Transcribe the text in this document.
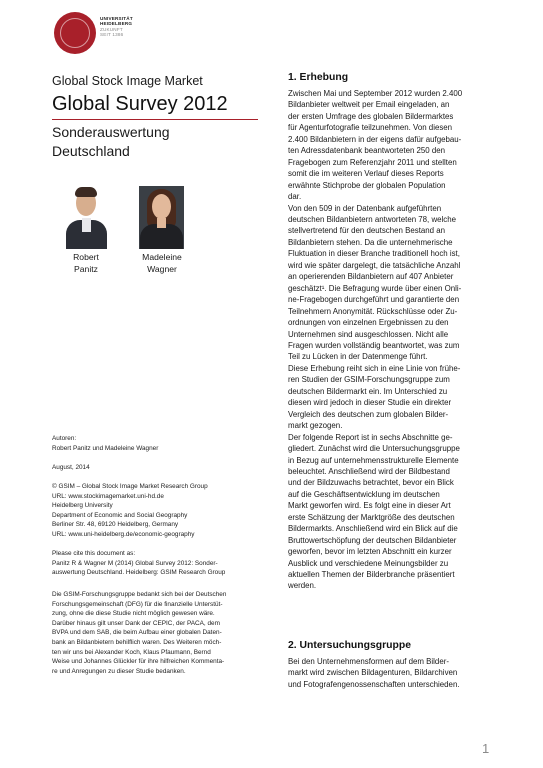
UNIVERSITÄT
HEIDELBERG
ZUKUNFT
SEIT 1386
Global Stock Image Market
Global Survey 2012
Sonderauswertung
Deutschland
Robert
Panitz
Madeleine
Wagner
Autoren:
Robert Panitz und Madeleine Wagner
August, 2014
© GSIM – Global Stock Image Market Research Group
URL: www.stockimagemarket.uni-hd.de
Heidelberg University
Department of Economic and Social Geography
Berliner Str. 48, 69120 Heidelberg, Germany
URL: www.uni-heidelberg.de/economic-geography
Please cite this document as:
Panitz R & Wagner M (2014) Global Survey 2012: Sonder-
auswertung Deutschland. Heidelberg: GSIM Research Group
Die GSIM-Forschungsgruppe bedankt sich bei der Deutschen
Forschungsgemeinschaft (DFG) für die finanzielle Unterstüt-
zung, ohne die diese Studie nicht möglich gewesen wäre.
Darüber hinaus gilt unser Dank der CEPIC, der PACA, dem
BVPA und dem SAB, die beim Aufbau einer globalen Daten-
bank an Bildanbietern behilflich waren. Des Weiteren möch-
ten wir uns bei Alexander Koch, Klaus Pfaumann, Bernd
Weise und Johannes Glückler für ihre hilfreichen Kommenta-
re und Anregungen zu dieser Studie bedanken.
1. Erhebung
Zwischen Mai und September 2012 wurden 2.400
Bildanbieter weltweit per Email eingeladen, an
der ersten Umfrage des globalen Bildermarktes
für Agenturfotografie teilzunehmen. Von diesen
2.400 Bildanbietern in der eigens dafür aufgebau-
ten Adressdatenbank beantworteten 250 den
Fragebogen zum Referenzjahr 2011 und stellten
somit die im weiteren Verlauf dieses Reports
erwähnte Stichprobe der globalen Population
dar.
Von den 509 in der Datenbank aufgeführten
deutschen Bildanbietern antworteten 78, welche
stellvertretend für den deutschen Bestand an
Bildanbietern stehen. Da die unternehmerische
Fluktuation in dieser Branche traditionell hoch ist,
wird wie später dargelegt, die tatsächliche Anzahl
an operierenden Bildanbietern auf 407 Anbieter
geschätzt¹. Die Befragung wurde über einen Onli-
ne-Fragebogen durchgeführt und garantierte den
Teilnehmern Anonymität. Rückschlüsse oder Zu-
ordnungen von einzelnen Ergebnissen zu den
Unternehmen sind ausgeschlossen. Nicht alle
Fragen wurden vollständig beantwortet, was zum
Teil zu Lücken in der Datenmenge führt.
Diese Erhebung reiht sich in eine Linie von frühe-
ren Studien der GSIM-Forschungsgruppe zum
deutschen Bildermarkt ein. Im Unterschied zu
diesen wird jedoch in dieser Studie ein direkter
Vergleich des deutschen zum globalen Bilder-
markt gezogen.
Der folgende Report ist in sechs Abschnitte ge-
gliedert. Zunächst wird die Untersuchungsgruppe
in Bezug auf unternehmensstrukturelle Elemente
beleuchtet. Anschließend wird der Bildbestand
und der Bildzuwachs betrachtet, bevor ein Blick
auf die Geschäftsentwicklung im deutschen
Markt geworfen wird. Es folgt eine in dieser Art
erste Schätzung der Marktgröße des deutschen
Bildermarkts. Anschließend wird ein Blick auf die
Bruttowertschöpfung der deutschen Bildanbieter
geworfen, bevor im letzten Abschnitt ein kurzer
Ausblick und verschiedene Meinungsbilder zu
aktuellen Themen der Bilderbranche präsentiert
werden.
2. Untersuchungsgruppe
Bei den Unternehmensformen auf dem Bilder-
markt wird zwischen Bildagenturen, Bildarchiven
und Fotografengenossenschaften unterschieden.
1
